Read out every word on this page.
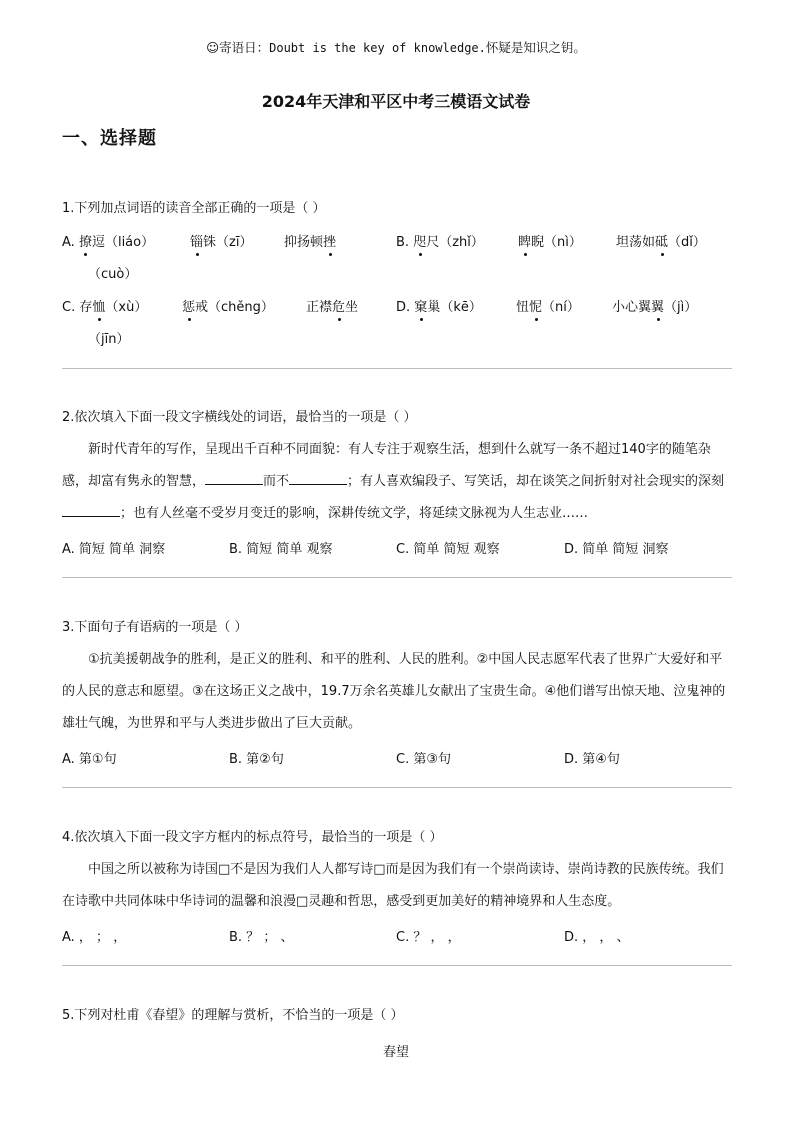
☺寄语日：Doubt is the key of knowledge.怀疑是知识之钥。
2024年天津和平区中考三模语文试卷
一、选择题
1.下列加点词语的读音全部正确的一项是（ ）
A. 撩逗（liáo）	锱铢（zī） 抑扬顿挫	B. 咫尺（zhǐ）	睥睨（nì）	坦荡如砥（dǐ）
（cuò）
C. 存恤（xù）	惩戒（chěng） 正襟危坐	D. 窠巢（kē）	忸怩（ní） 小心翼翼（jì）
（jīn）
2.依次填入下面一段文字横线处的词语，最恰当的一项是（ ）
新时代青年的写作，呈现出千百种不同面貌：有人专注于观察生活，想到什么就写一条不超过140字的随笔杂感，却富有隽永的智慧，	而不	；有人喜欢编段子、写笑话，却在谈笑之间折射对社会现实的深刻；也有人丝毫不受岁月变迁的影响，深耕传统文学，将延续文脉视为人生志业……
A. 简短 简单 洞察	B. 简短 简单 观察	C. 简单 简短 观察	D. 简单 简短 洞察
3.下面句子有语病的一项是（ ）
①抗美援朝战争的胜利，是正义的胜利、和平的胜利、人民的胜利。②中国人民志愿军代表了世界广大爱好和平的人民的意志和愿望。③在这场正义之战中，19.7万余名英雄儿女献出了宝贵生命。④他们谱写出惊天地、泣鬼神的雄壮气魄，为世界和平与人类进步做出了巨大贡献。
A. 第①句	B. 第②句	C. 第③句	D. 第④句
4.依次填入下面一段文字方框内的标点符号，最恰当的一项是（ ）
中国之所以被称为诗国□不是因为我们人人都写诗□而是因为我们有一个崇尚读诗、崇尚诗教的民族传统。我们在诗歌中共同体味中华诗词的温馨和浪漫□灵趣和哲思，感受到更加美好的精神境界和人生态度。
A. ， ； ，	B. ？ ； 、	C. ？ ， ，	D. ， ， 、
5.下列对杜甫《春望》的理解与赏析，不恰当的一项是（ ）
春望
